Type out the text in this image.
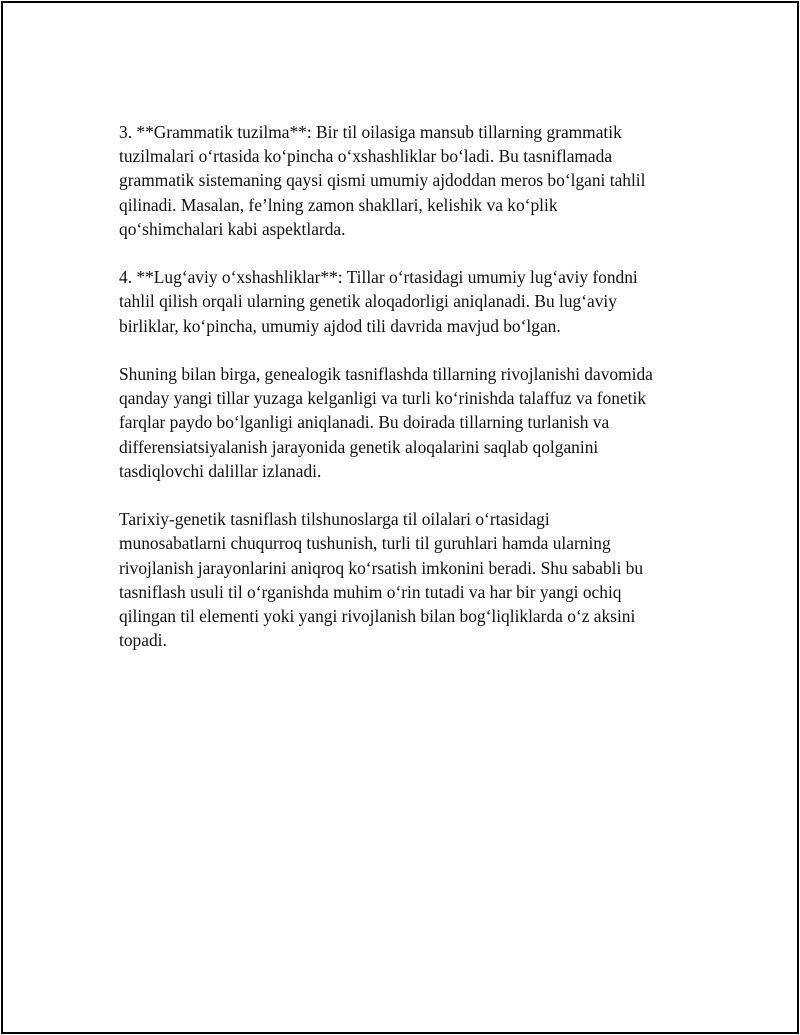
3. **Grammatik tuzilma**: Bir til oilasiga mansub tillarning grammatik
tuzilmalari o‘rtasida ko‘pincha o‘xshashliklar bo‘ladi. Bu tasniflamada
grammatik sistemaning qaysi qismi umumiy ajdoddan meros bo‘lgani tahlil
qilinadi. Masalan, fe’lning zamon shakllari, kelishik va ko‘plik
qo‘shimchalari kabi aspektlarda.

4. **Lug‘aviy o‘xshashliklar**: Tillar o‘rtasidagi umumiy lug‘aviy fondni
tahlil qilish orqali ularning genetik aloqadorligi aniqlanadi. Bu lug‘aviy
birliklar, ko‘pincha, umumiy ajdod tili davrida mavjud bo‘lgan.

Shuning bilan birga, genealogik tasniflashda tillarning rivojlanishi davomida
qanday yangi tillar yuzaga kelganligi va turli ko‘rinishda talaffuz va fonetik
farqlar paydo bo‘lganligi aniqlanadi. Bu doirada tillarning turlanish va
differensiatsiyalanish jarayonida genetik aloqalarini saqlab qolganini
tasdiqlovchi dalillar izlanadi.

Tarixiy-genetik tasniflash tilshunoslarga til oilalari o‘rtasidagi
munosabatlarni chuqurroq tushunish, turli til guruhlari hamda ularning
rivojlanish jarayonlarini aniqroq ko‘rsatish imkonini beradi. Shu sababli bu
tasniflash usuli til o‘rganishda muhim o‘rin tutadi va har bir yangi ochiq
qilingan til elementi yoki yangi rivojlanish bilan bog‘liqliklarda o‘z aksini
topadi.
